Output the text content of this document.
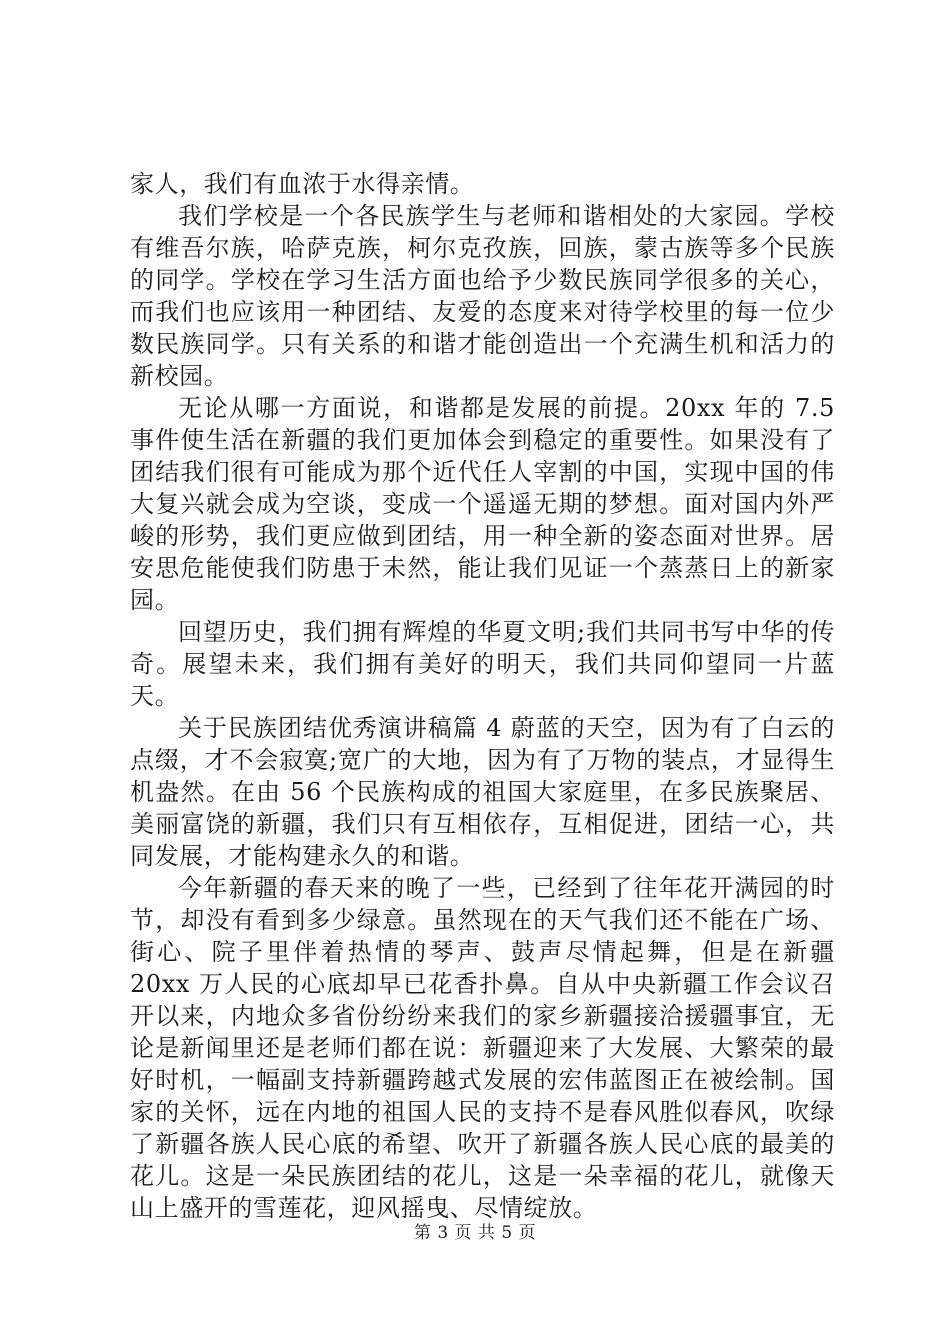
家人，我们有血浓于水得亲情。

我们学校是一个各民族学生与老师和谐相处的大家园。学校有维吾尔族，哈萨克族，柯尔克孜族，回族，蒙古族等多个民族的同学。学校在学习生活方面也给予少数民族同学很多的关心，而我们也应该用一种团结、友爱的态度来对待学校里的每一位少数民族同学。只有关系的和谐才能创造出一个充满生机和活力的新校园。

无论从哪一方面说，和谐都是发展的前提。20xx 年的 7.5 事件使生活在新疆的我们更加体会到稳定的重要性。如果没有了团结我们很有可能成为那个近代任人宰割的中国，实现中国的伟大复兴就会成为空谈，变成一个遥遥无期的梦想。面对国内外严峻的形势，我们更应做到团结，用一种全新的姿态面对世界。居安思危能使我们防患于未然，能让我们见证一个蒸蒸日上的新家园。

回望历史，我们拥有辉煌的华夏文明;我们共同书写中华的传奇。展望未来，我们拥有美好的明天，我们共同仰望同一片蓝天。

关于民族团结优秀演讲稿篇 4 蔚蓝的天空，因为有了白云的点缀，才不会寂寞;宽广的大地，因为有了万物的装点，才显得生机盎然。在由 56 个民族构成的祖国大家庭里，在多民族聚居、美丽富饶的新疆，我们只有互相依存，互相促进，团结一心，共同发展，才能构建永久的和谐。

今年新疆的春天来的晚了一些，已经到了往年花开满园的时节，却没有看到多少绿意。虽然现在的天气我们还不能在广场、街心、院子里伴着热情的琴声、鼓声尽情起舞，但是在新疆 20xx 万人民的心底却早已花香扑鼻。自从中央新疆工作会议召开以来，内地众多省份纷纷来我们的家乡新疆接洽援疆事宜，无论是新闻里还是老师们都在说：新疆迎来了大发展、大繁荣的最好时机，一幅副支持新疆跨越式发展的宏伟蓝图正在被绘制。国家的关怀，远在内地的祖国人民的支持不是春风胜似春风，吹绿了新疆各族人民心底的希望、吹开了新疆各族人民心底的最美的花儿。这是一朵民族团结的花儿，这是一朵幸福的花儿，就像天山上盛开的雪莲花，迎风摇曳、尽情绽放。

第 3 页 共 5 页
